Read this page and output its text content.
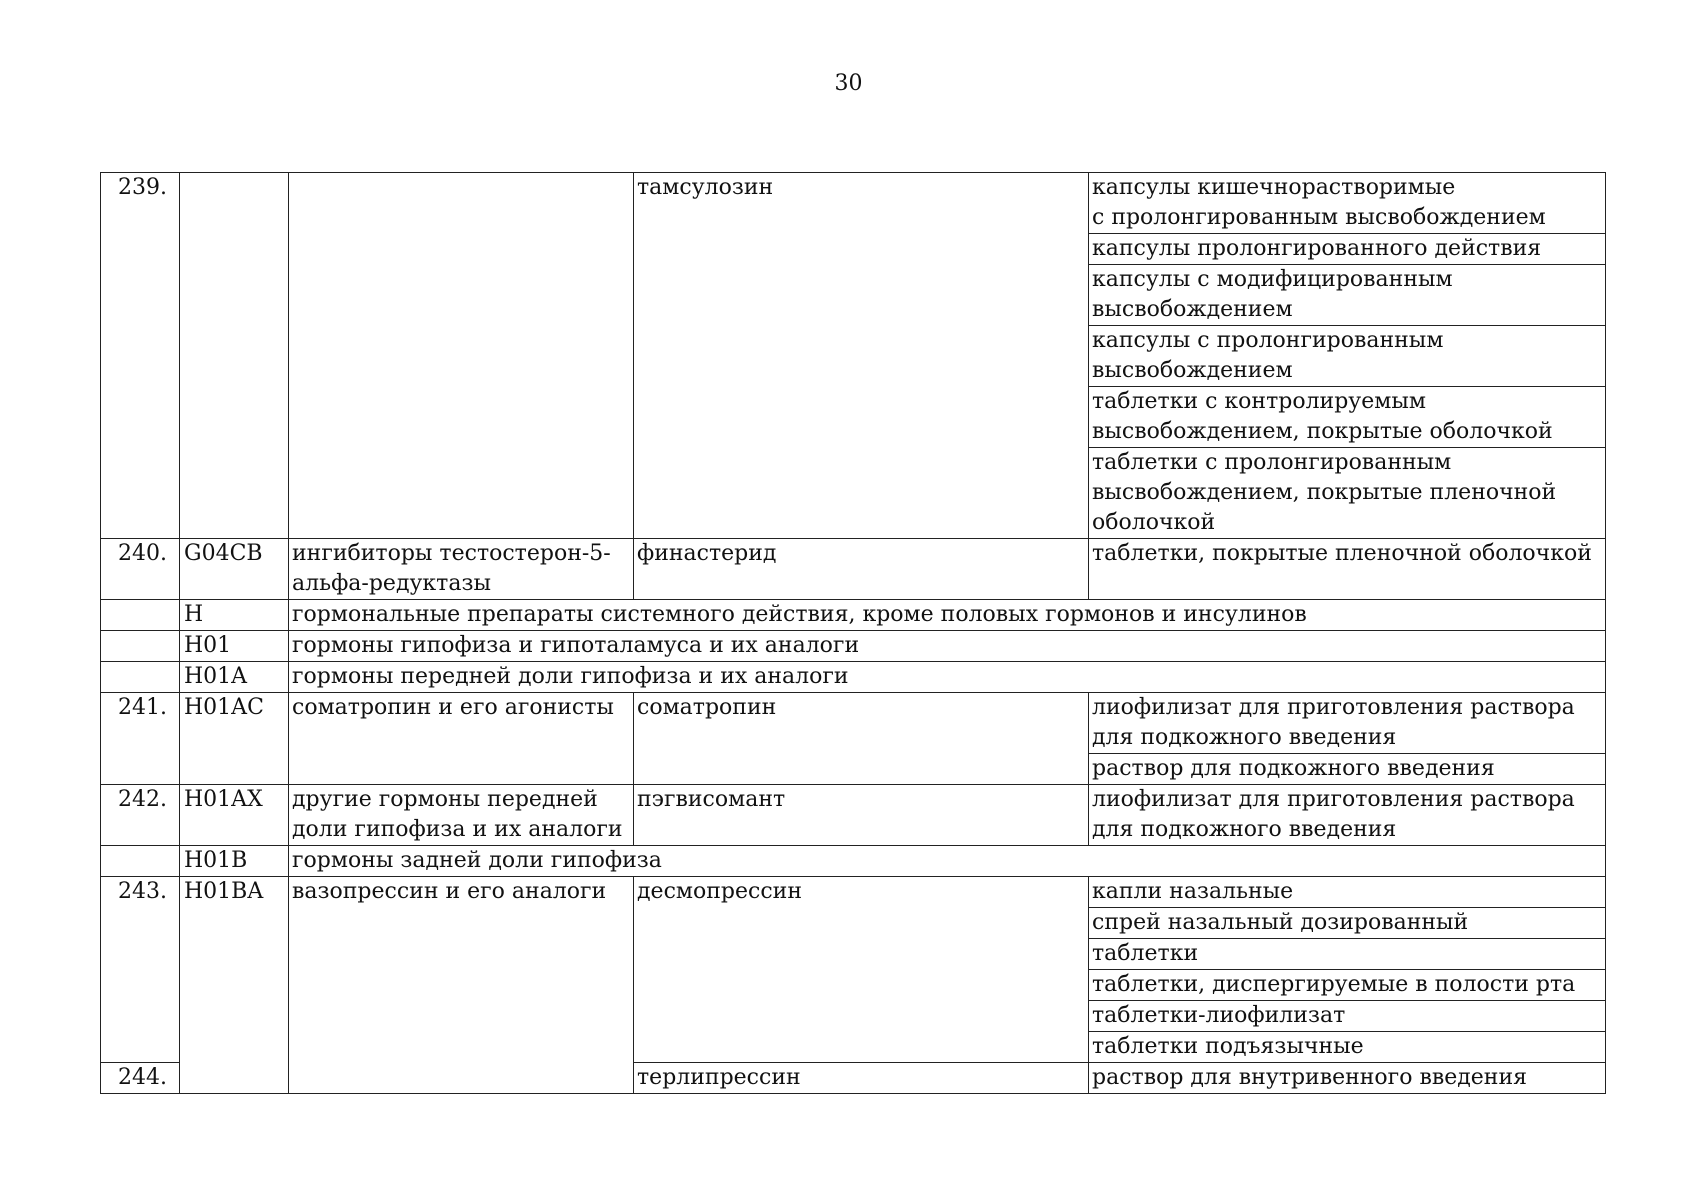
30
239.			тамсулозин	капсулы кишечнорастворимые
с пролонгированным высвобождением
				капсулы пролонгированного действия
				капсулы с модифицированным
высвобождением
				капсулы с пролонгированным
высвобождением
				таблетки с контролируемым
высвобождением, покрытые оболочкой
				таблетки с пролонгированным
высвобождением, покрытые пленочной
оболочкой
240.	G04CB	ингибиторы тестостерон-5-
альфа-редуктазы	финастерид	таблетки, покрытые пленочной оболочкой
	H	гормональные препараты системного действия, кроме половых гормонов и инсулинов		
	H01	гормоны гипофиза и гипоталамуса и их аналоги		
	H01A	гормоны передней доли гипофиза и их аналоги		
241.	H01AC	соматропин и его агонисты	соматропин	лиофилизат для приготовления раствора
для подкожного введения
				раствор для подкожного введения
242.	H01AX	другие гормоны передней
доли гипофиза и их аналоги	пэгвисомант	лиофилизат для приготовления раствора
для подкожного введения
	H01B	гормоны задней доли гипофиза		
243.	H01BA	вазопрессин и его аналоги	десмопрессин	капли назальные
				спрей назальный дозированный
				таблетки
				таблетки, диспергируемые в полости рта
				таблетки-лиофилизат
				таблетки подъязычные
244.			терлипрессин	раствор для внутривенного введения
